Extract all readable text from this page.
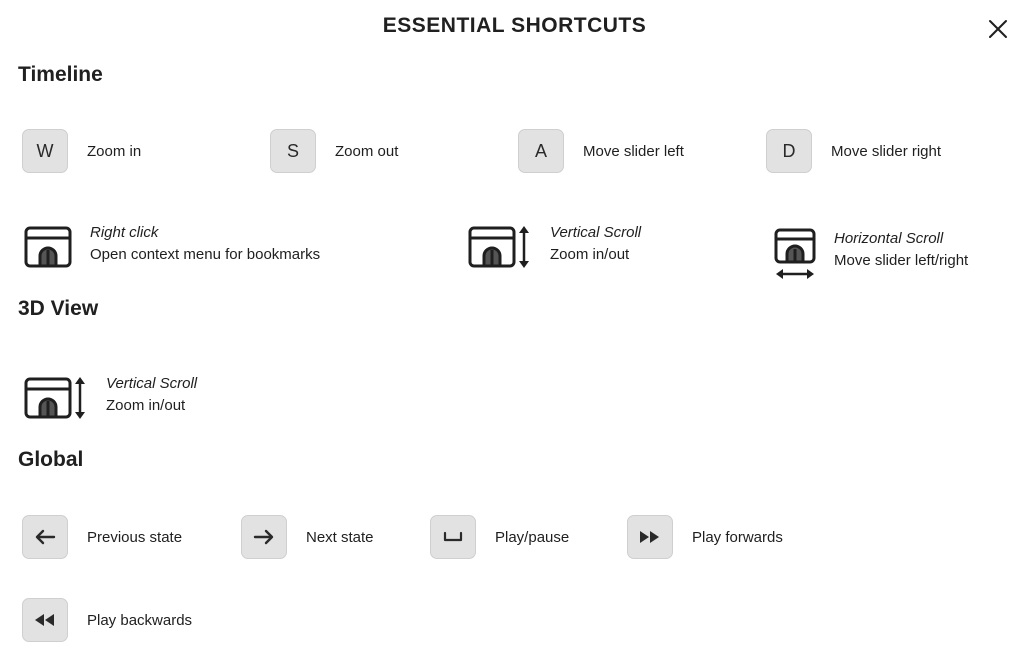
ESSENTIAL SHORTCUTS
Timeline
W	Zoom in	S	Zoom out	A	Move slider left	D	Move slider right
Right click
Open context menu for bookmarks
Vertical Scroll
Zoom in/out
Horizontal Scroll
Move slider left/right
3D View
Vertical Scroll
Zoom in/out
Global
Previous state	Next state	Play/pause	Play forwards
Play backwards
